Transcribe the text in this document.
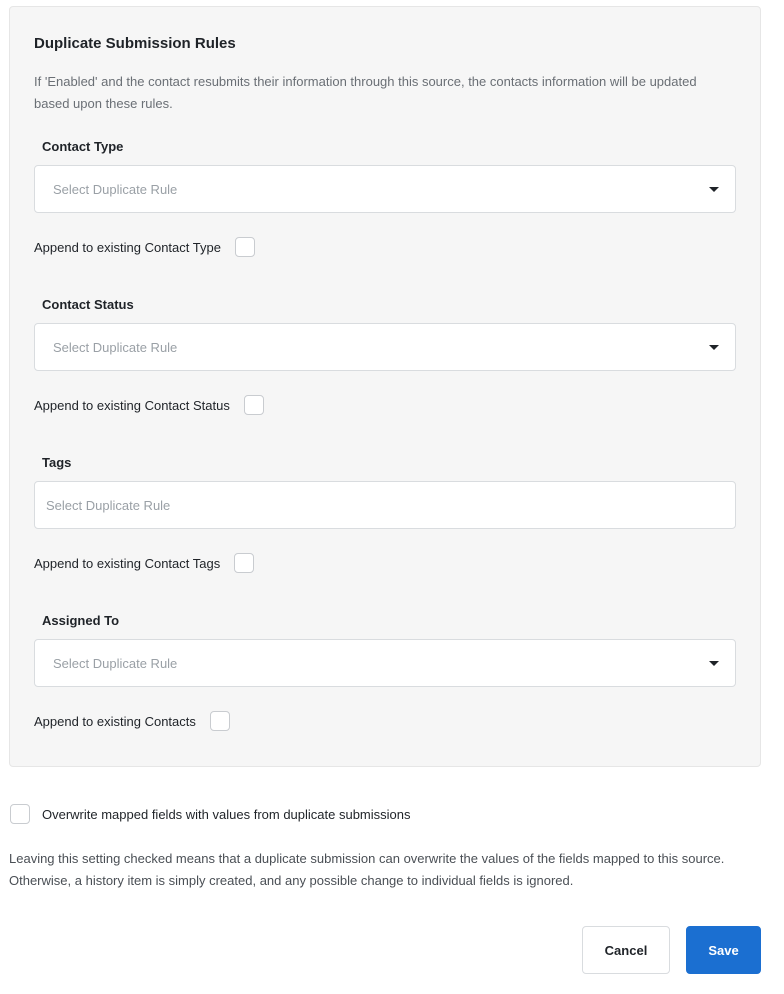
Duplicate Submission Rules
If 'Enabled' and the contact resubmits their information through this source, the contacts information will be updated based upon these rules.
Contact Type
Select Duplicate Rule
Append to existing Contact Type
Contact Status
Select Duplicate Rule
Append to existing Contact Status
Tags
Select Duplicate Rule
Append to existing Contact Tags
Assigned To
Select Duplicate Rule
Append to existing Contacts
Overwrite mapped fields with values from duplicate submissions
Leaving this setting checked means that a duplicate submission can overwrite the values of the fields mapped to this source. Otherwise, a history item is simply created, and any possible change to individual fields is ignored.
Cancel	Save
